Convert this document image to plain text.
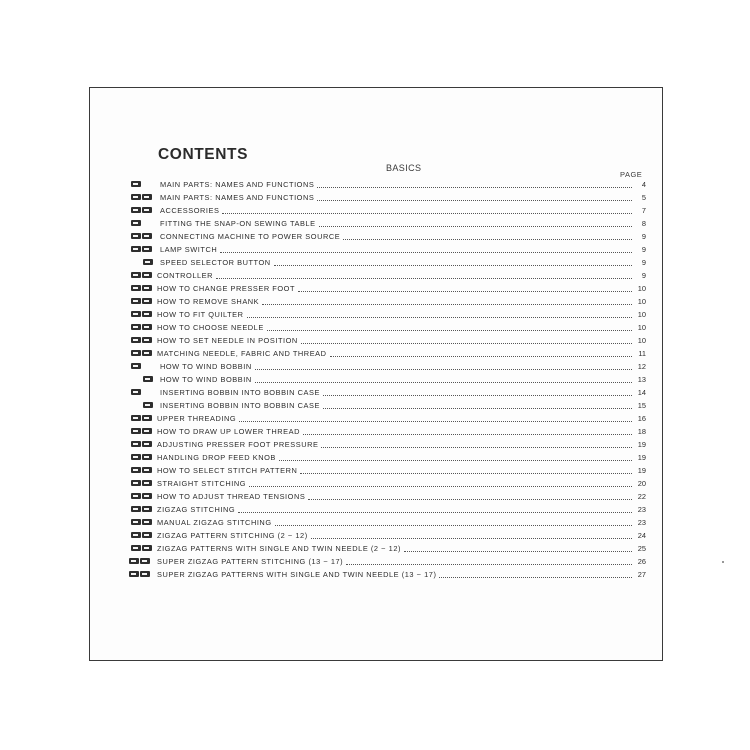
CONTENTS
BASICS
PAGE
MAIN PARTS: NAMES AND FUNCTIONS	4
MAIN PARTS: NAMES AND FUNCTIONS	5
ACCESSORIES	7
FITTING THE SNAP-ON SEWING TABLE	8
CONNECTING MACHINE TO POWER SOURCE	9
LAMP SWITCH	9
SPEED SELECTOR BUTTON	9
CONTROLLER	9
HOW TO CHANGE PRESSER FOOT	10
HOW TO REMOVE SHANK	10
HOW TO FIT QUILTER	10
HOW TO CHOOSE NEEDLE	10
HOW TO SET NEEDLE IN POSITION	10
MATCHING NEEDLE, FABRIC AND THREAD	11
HOW TO WIND BOBBIN	12
HOW TO WIND BOBBIN	13
INSERTING BOBBIN INTO BOBBIN CASE	14
INSERTING BOBBIN INTO BOBBIN CASE	15
UPPER THREADING	16
HOW TO DRAW UP LOWER THREAD	18
ADJUSTING PRESSER FOOT PRESSURE	19
HANDLING DROP FEED KNOB	19
HOW TO SELECT STITCH PATTERN	19
STRAIGHT STITCHING	20
HOW TO ADJUST THREAD TENSIONS	22
ZIGZAG STITCHING	23
MANUAL ZIGZAG STITCHING	23
ZIGZAG PATTERN STITCHING (2 ~ 12)	24
ZIGZAG PATTERNS WITH SINGLE AND TWIN NEEDLE (2 ~ 12)	25
SUPER ZIGZAG PATTERN STITCHING (13 ~ 17)	26
SUPER ZIGZAG PATTERNS WITH SINGLE AND TWIN NEEDLE (13 ~ 17)	27
